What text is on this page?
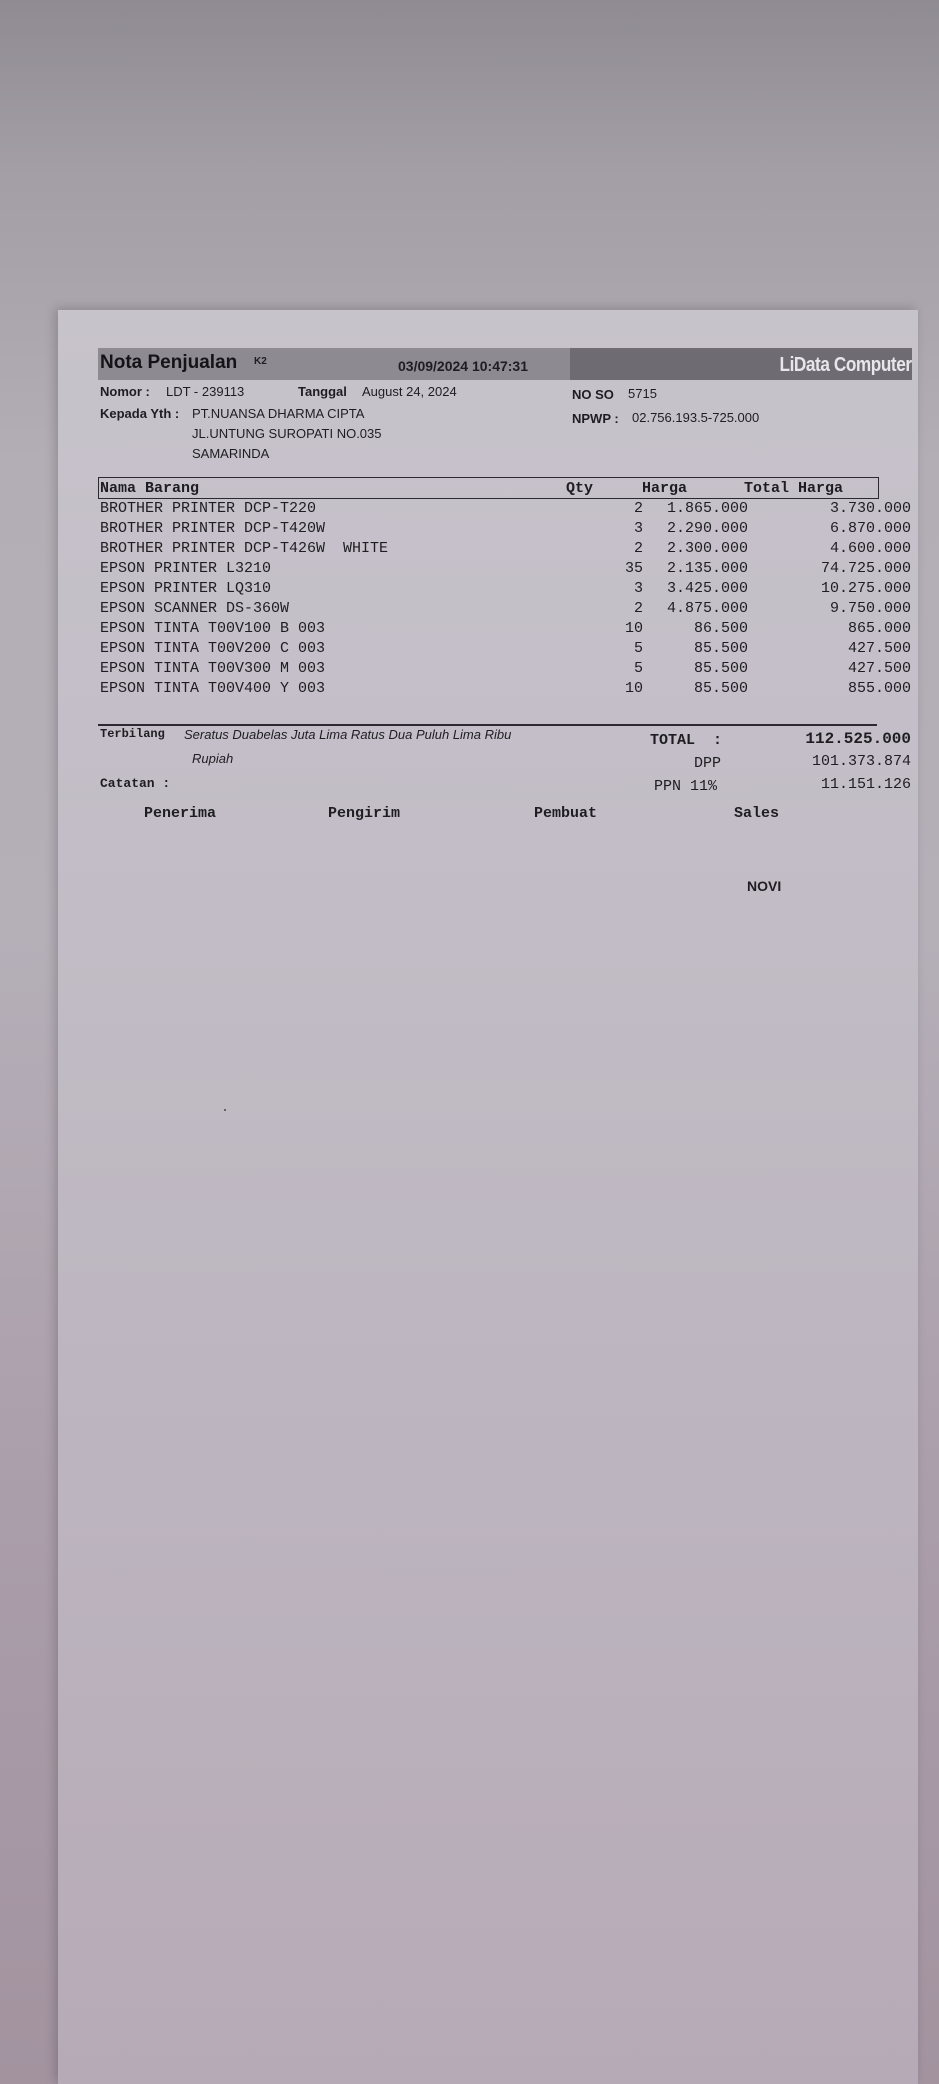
Nota Penjualan K2	03/09/2024 10:47:31	LiData Computer
Nomor : LDT - 239113	Tanggal August 24, 2024	NO SO 5715
Kepada Yth : PT.NUANSA DHARMA CIPTA
JL.UNTUNG SUROPATI NO.035
SAMARINDA
NPWP : 02.756.193.5-725.000
Nama Barang	Qty	Harga	Total Harga
BROTHER PRINTER DCP-T220	2 1.865.000	3.730.000
BROTHER PRINTER DCP-T420W	3 2.290.000	6.870.000
BROTHER PRINTER DCP-T426W  WHITE	2 2.300.000	4.600.000
EPSON PRINTER L3210	35 2.135.000	74.725.000
EPSON PRINTER LQ310	3 3.425.000	10.275.000
EPSON SCANNER DS-360W	2 4.875.000	9.750.000
EPSON TINTA T00V100 B 003	10	86.500	865.000
EPSON TINTA T00V200 C 003	5	85.500	427.500
EPSON TINTA T00V300 M 003	5	85.500	427.500
EPSON TINTA T00V400 Y 003	10	85.500	855.000
Terbilang Seratus Duabelas Juta Lima Ratus Dua Puluh Lima Ribu
Rupiah
Catatan :
TOTAL  :	112.525.000
DPP	101.373.874
PPN 11%	11.151.126
Penerima	Pengirim	Pembuat	Sales
NOVI
